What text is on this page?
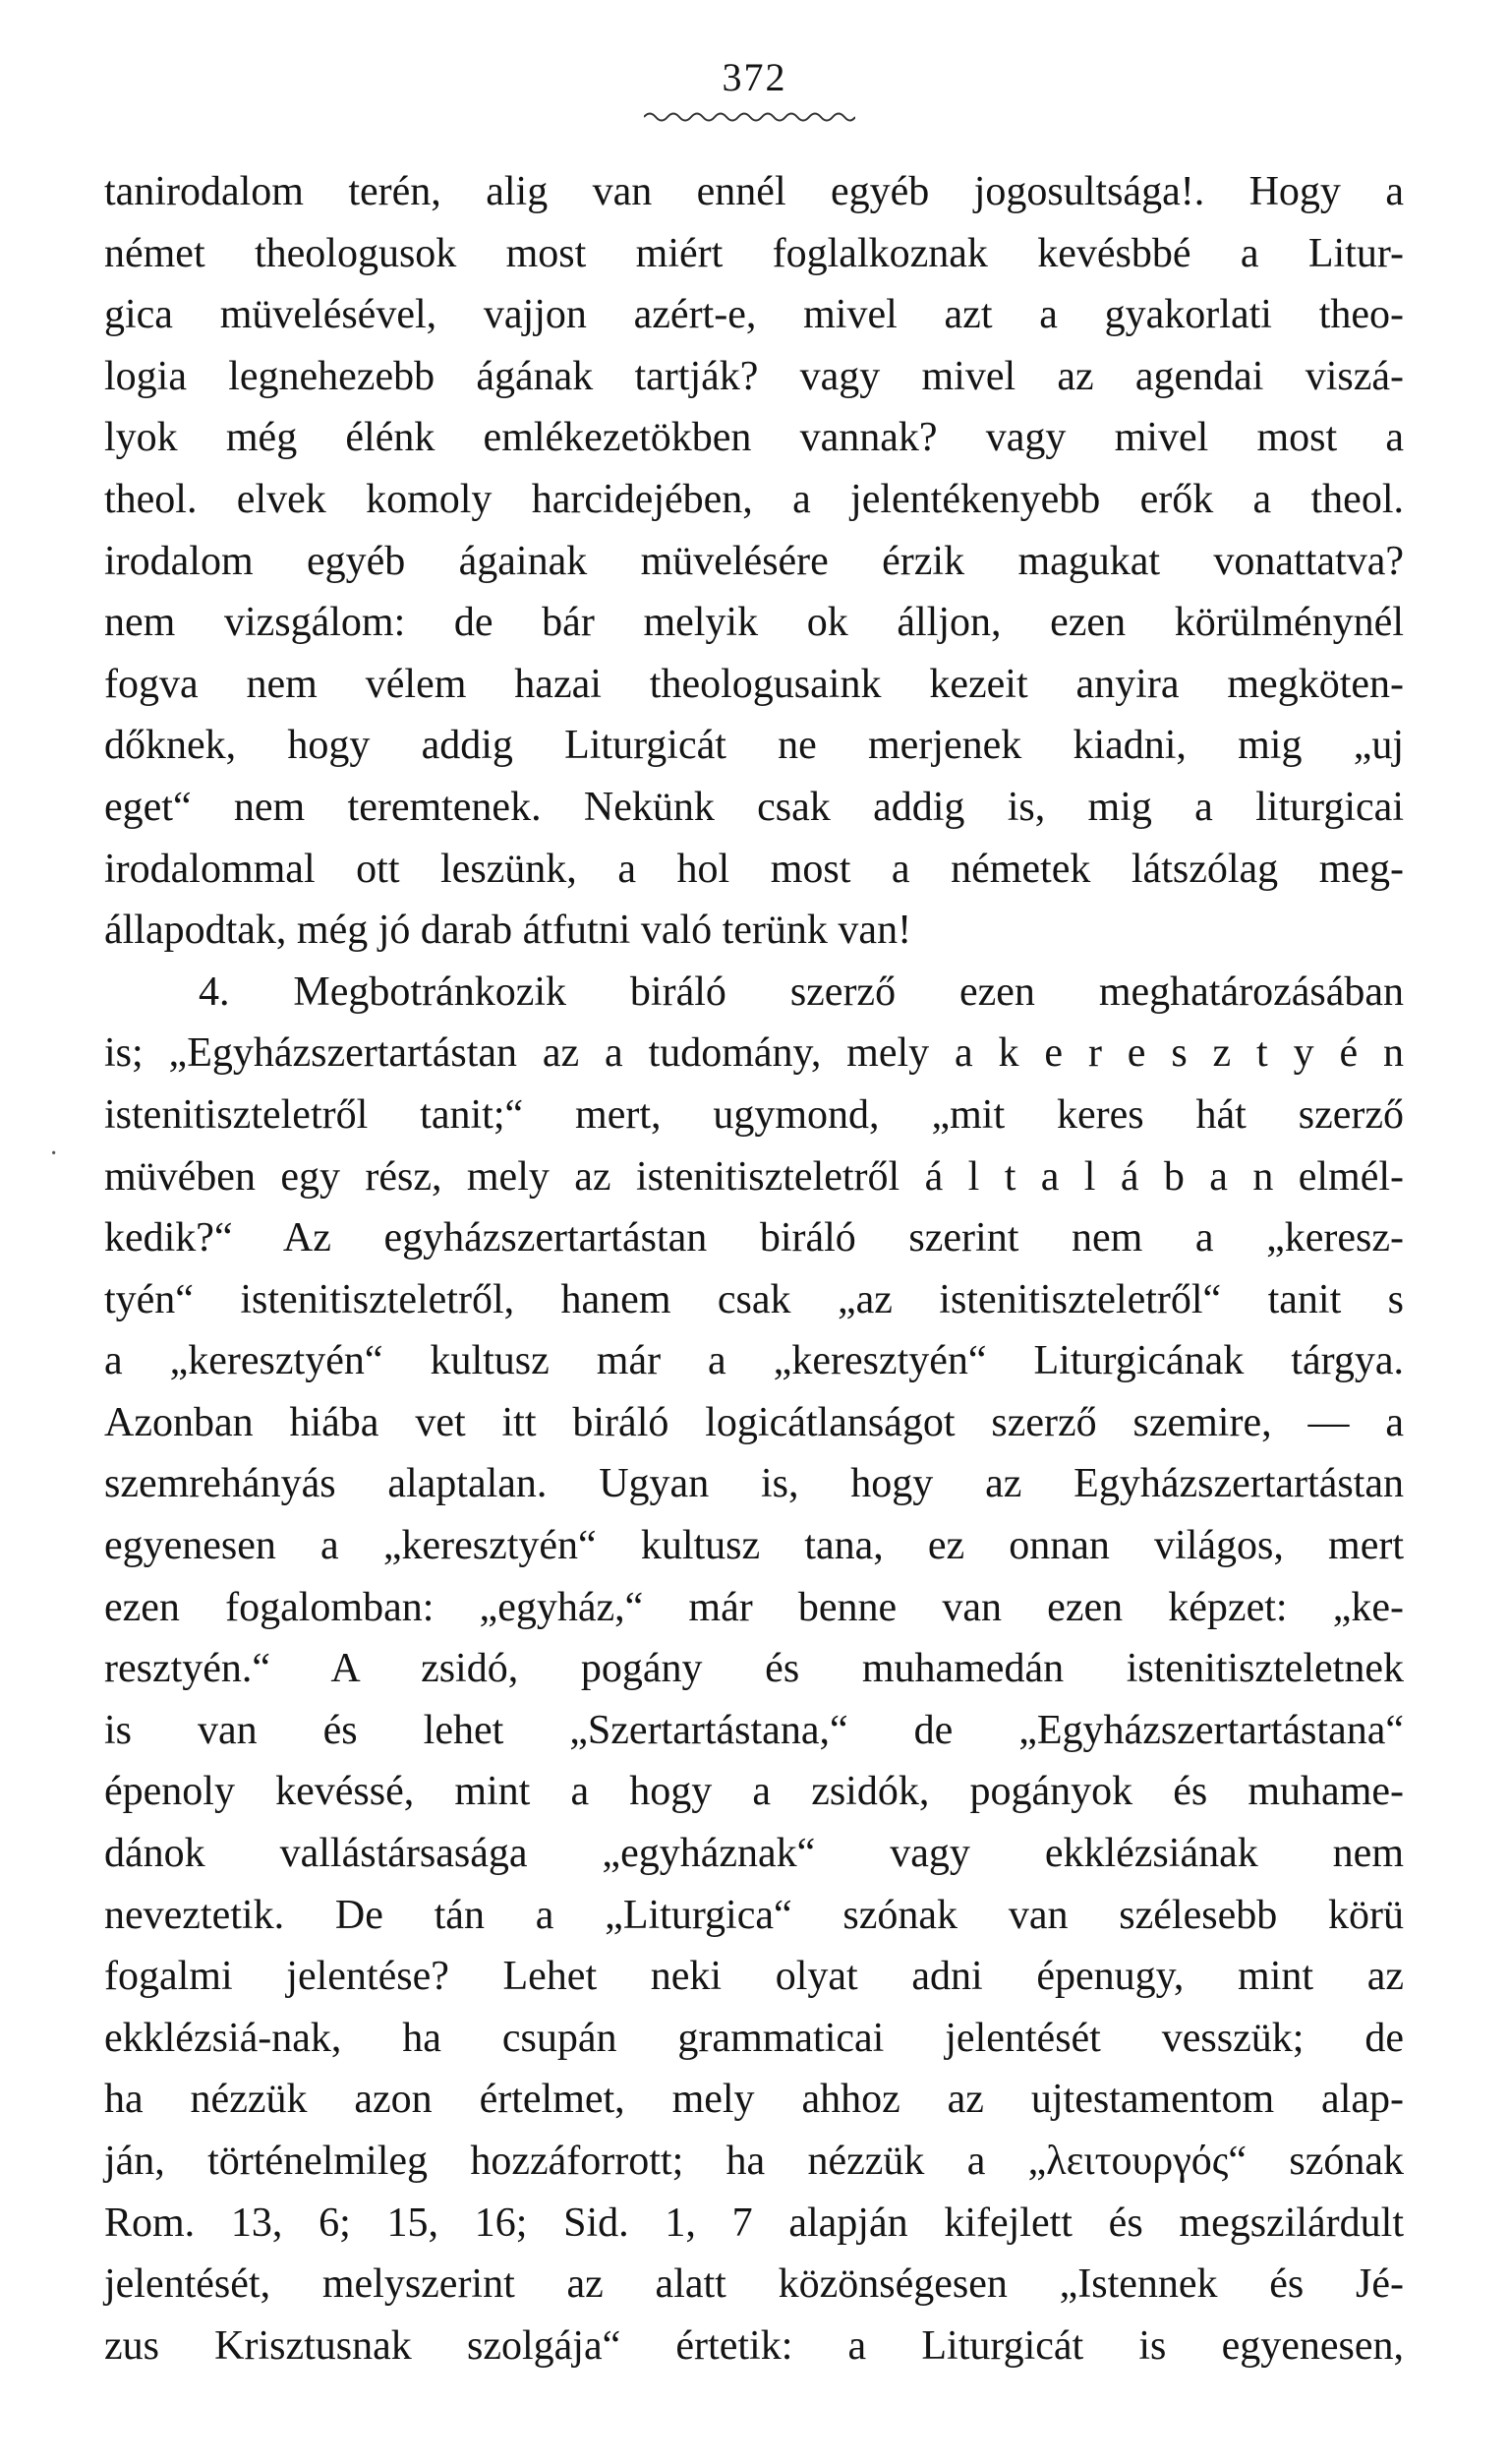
372
tanirodalom terén, alig van ennél egyéb jogosultsága!. Hogy a
német theologusok most miért foglalkoznak kevésbbé a Litur-
gica müvelésével, vajjon azért-e, mivel azt a gyakorlati theo-
logia legnehezebb ágának tartják? vagy mivel az agendai viszá-
lyok még élénk emlékezetökben vannak? vagy mivel most a
theol. elvek komoly harcidejében, a jelentékenyebb erők a theol.
irodalom egyéb ágainak müvelésére érzik magukat vonattatva?
nem vizsgálom: de bár melyik ok álljon, ezen körülménynél
fogva nem vélem hazai theologusaink kezeit anyira megköten-
dőknek, hogy addig Liturgicát ne merjenek kiadni, mig „uj
eget“ nem teremtenek. Nekünk csak addig is, mig a liturgicai
irodalommal ott leszünk, a hol most a németek látszólag meg-
állapodtak, még jó darab átfutni való terünk van!
4. Megbotránkozik biráló szerző ezen meghatározásában
is; „Egyházszertartástan az a tudomány, mely a k e r e s z t y é n
istenitiszteletről tanit;“ mert, ugymond, „mit keres hát szerző
müvében egy rész, mely az istenitiszteletről á l t a l á b a n elmél-
kedik?“ Az egyházszertartástan biráló szerint nem a „keresz-
tyén“ istenitiszteletről, hanem csak „az istenitiszteletről“ tanit s
a „keresztyén“ kultusz már a „keresztyén“ Liturgicának tárgya.
Azonban hiába vet itt biráló logicátlanságot szerző szemire, — a
szemrehányás alaptalan. Ugyan is, hogy az Egyházszertartástan
egyenesen a „keresztyén“ kultusz tana, ez onnan világos, mert
ezen fogalomban: „egyház,“ már benne van ezen képzet: „ke-
resztyén.“ A zsidó, pogány és muhamedán istenitiszteletnek
is van és lehet „Szertartástana,“ de „Egyházszertartástana“
épenoly kevéssé, mint a hogy a zsidók, pogányok és muhame-
dánok vallástársasága „egyháznak“ vagy ekklézsiának nem
neveztetik. De tán a „Liturgica“ szónak van szélesebb körü
fogalmi jelentése? Lehet neki olyat adni épenugy, mint az
ekklézsiá-nak, ha csupán grammaticai jelentését vesszük; de
ha nézzük azon értelmet, mely ahhoz az ujtestamentom alap-
ján, történelmileg hozzáforrott; ha nézzük a „λειτουργός“ szónak
Rom. 13, 6; 15, 16; Sid. 1, 7 alapján kifejlett és megszilárdult
jelentését, melyszerint az alatt közönségesen „Istennek és Jé-
zus Krisztusnak szolgája“ értetik: a Liturgicát is egyenesen,
·
